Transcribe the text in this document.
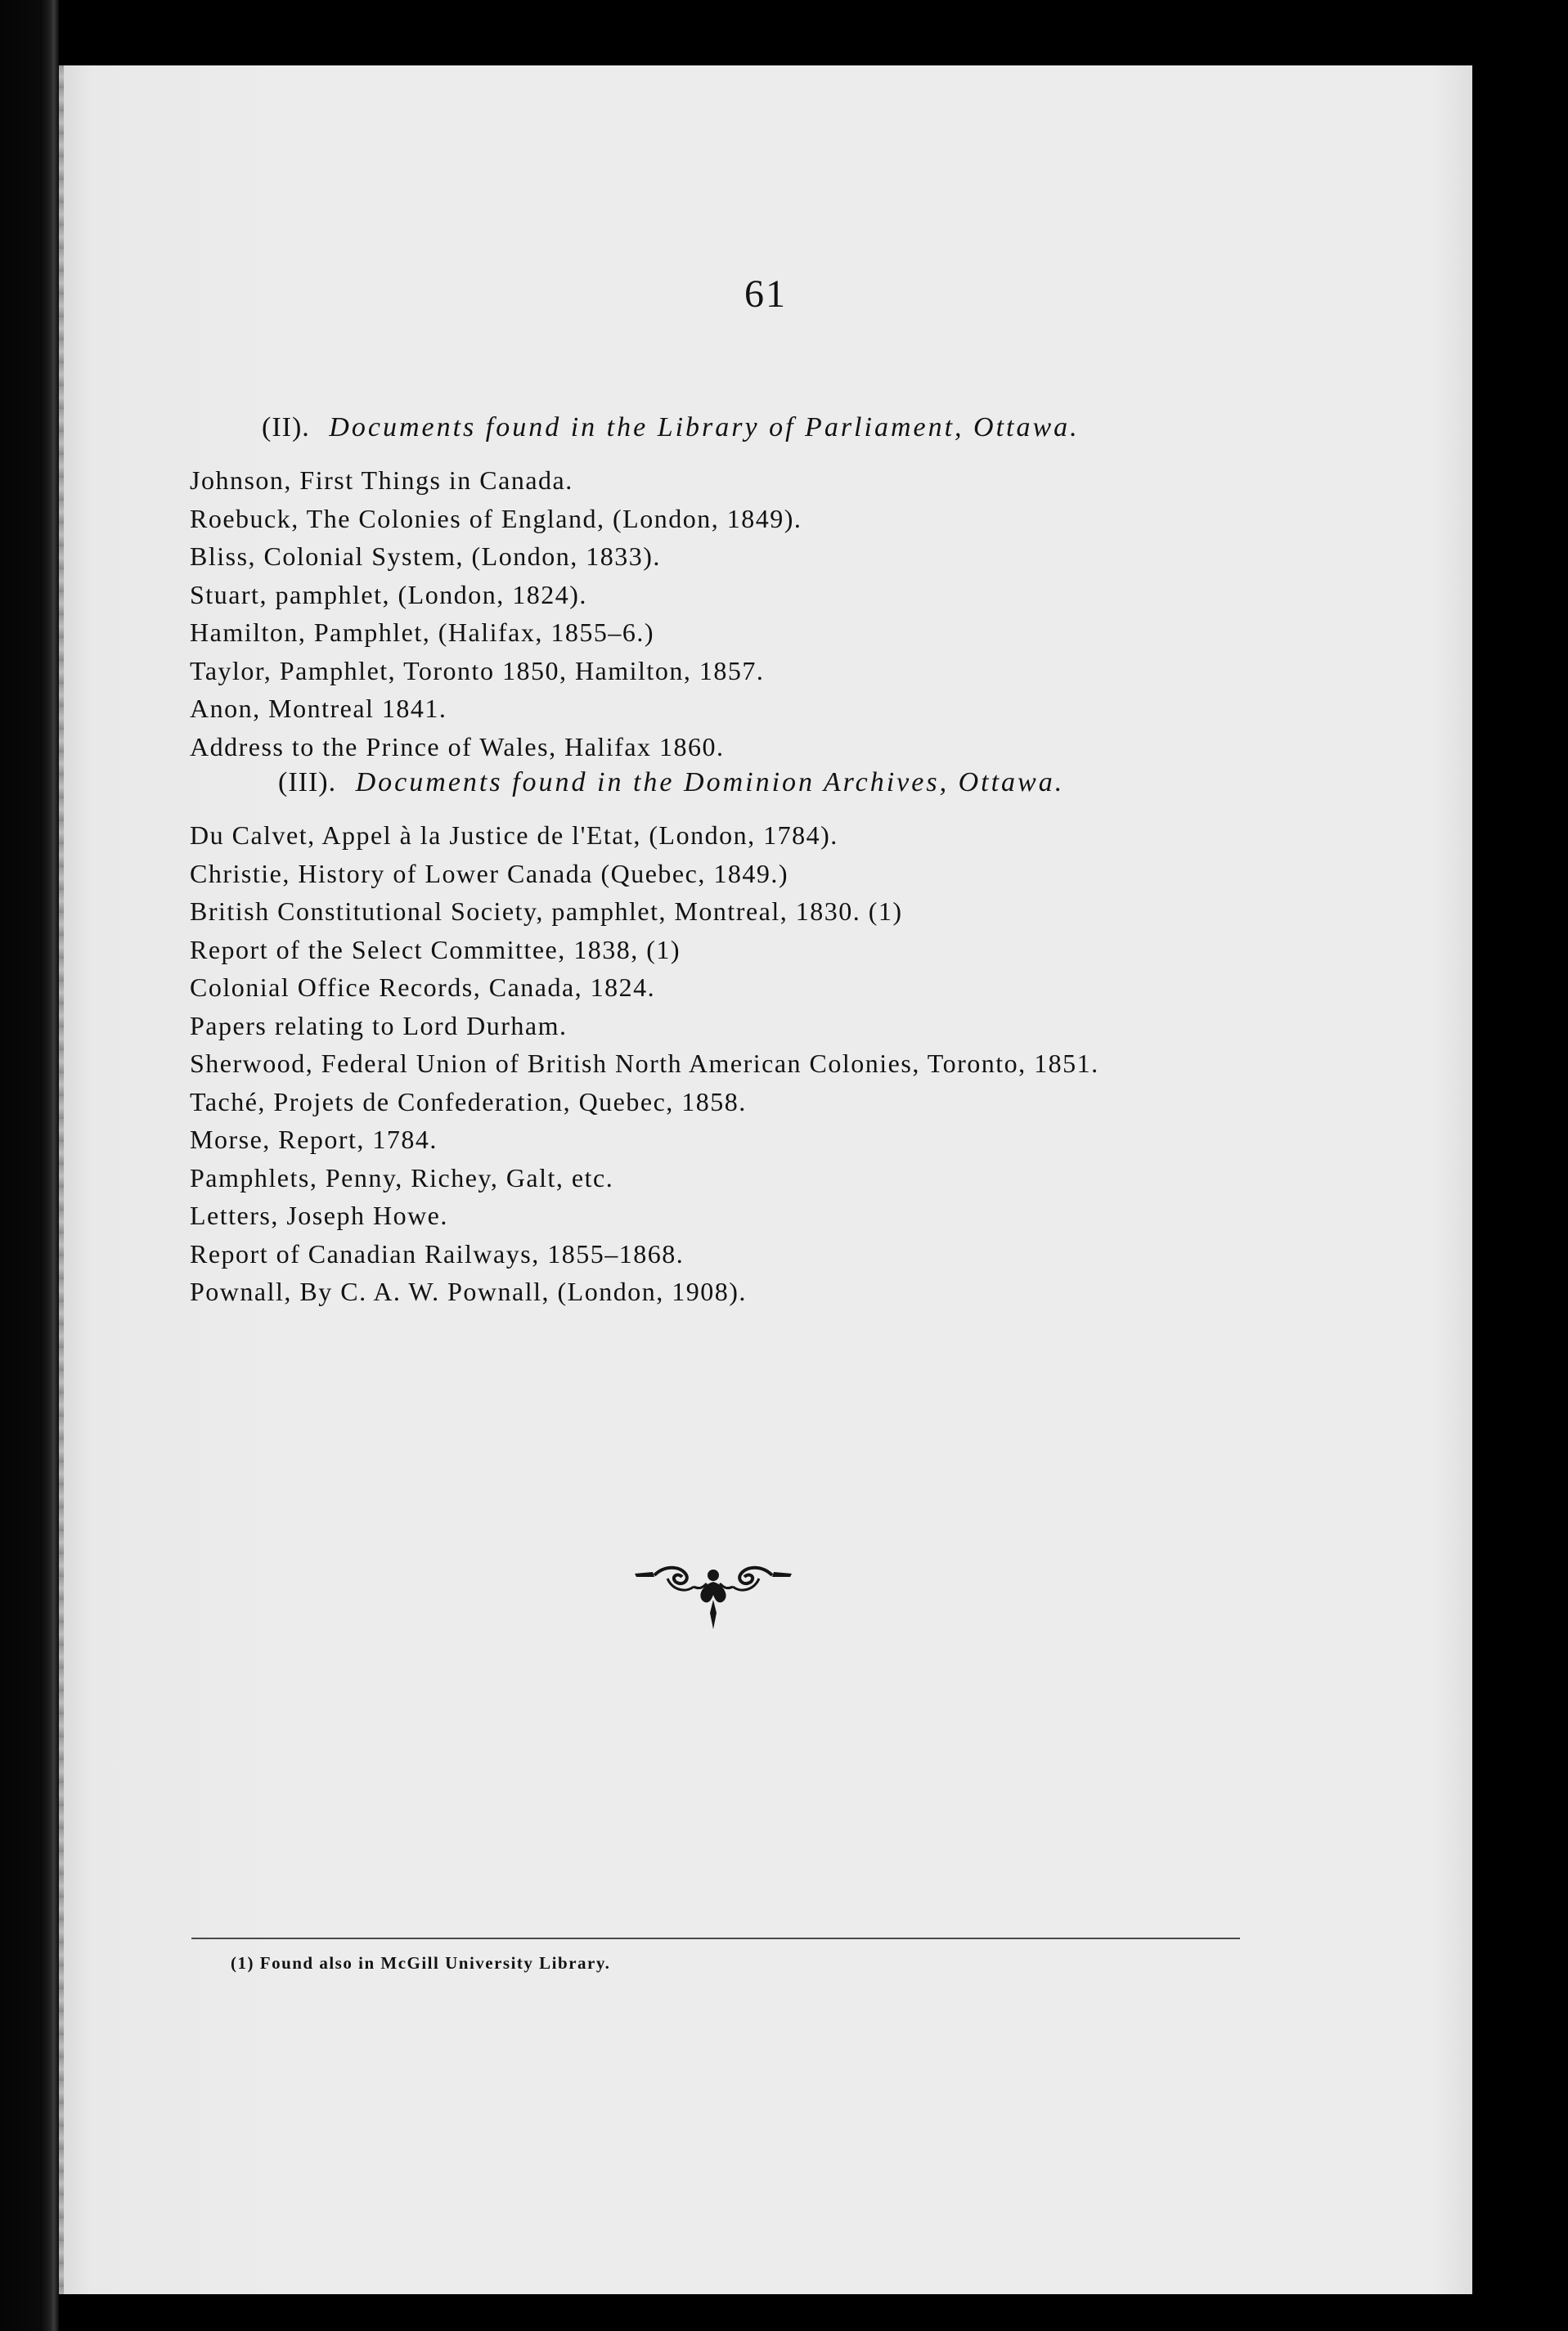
61
(II). Documents found in the Library of Parliament, Ottawa.
Johnson, First Things in Canada.
Roebuck, The Colonies of England, (London, 1849).
Bliss, Colonial System, (London, 1833).
Stuart, pamphlet, (London, 1824).
Hamilton, Pamphlet, (Halifax, 1855–6.)
Taylor, Pamphlet, Toronto 1850, Hamilton, 1857.
Anon, Montreal 1841.
Address to the Prince of Wales, Halifax 1860.
(III). Documents found in the Dominion Archives, Ottawa.
Du Calvet, Appel à la Justice de l'Etat, (London, 1784).
Christie, History of Lower Canada (Quebec, 1849.)
British Constitutional Society, pamphlet, Montreal, 1830. (1)
Report of the Select Committee, 1838, (1)
Colonial Office Records, Canada, 1824.
Papers relating to Lord Durham.
Sherwood, Federal Union of British North American Colonies, Toronto, 1851.
Taché, Projets de Confederation, Quebec, 1858.
Morse, Report, 1784.
Pamphlets, Penny, Richey, Galt, etc.
Letters, Joseph Howe.
Report of Canadian Railways, 1855–1868.
Pownall, By C. A. W. Pownall, (London, 1908).
(1) Found also in McGill University Library.
